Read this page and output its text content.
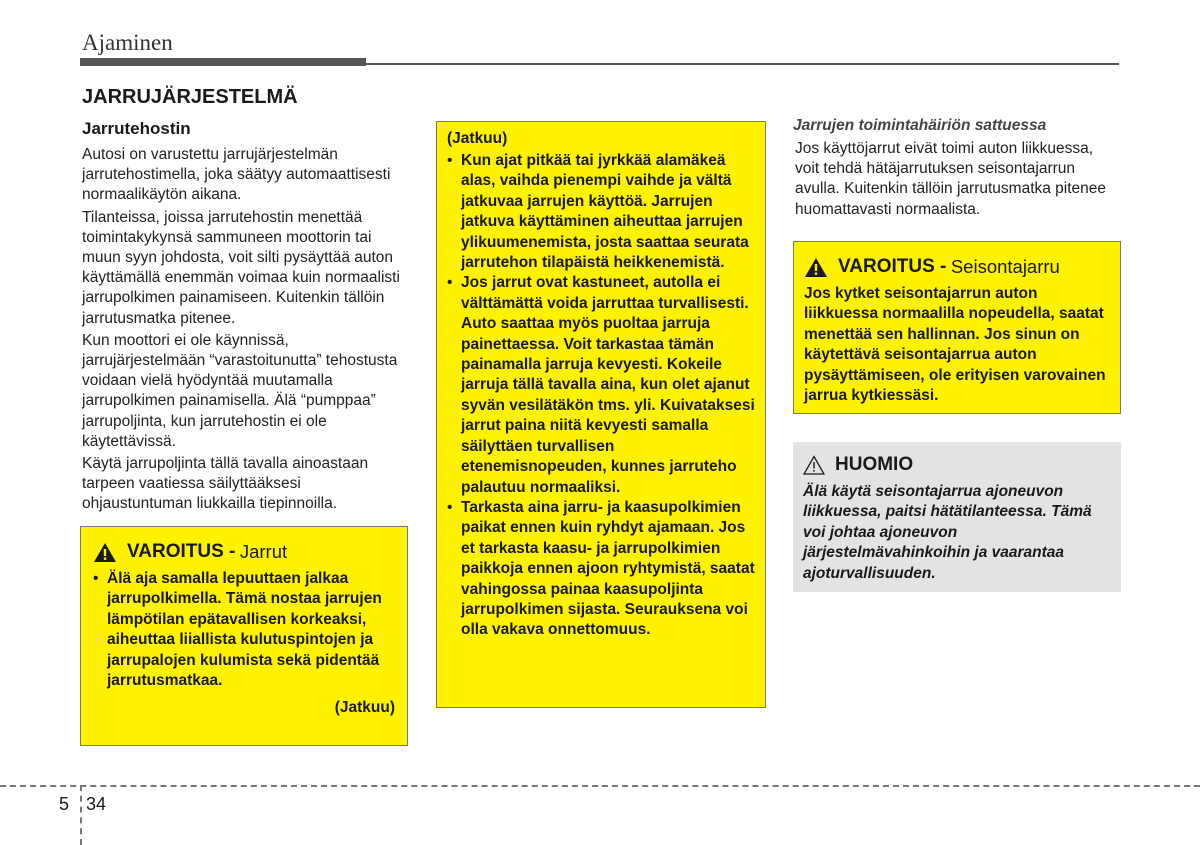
Ajaminen
JARRUJÄRJESTELMÄ
Jarrutehostin

Autosi on varustettu jarrujärjestelmän jarrutehostimella, joka säätyy automaattisesti normaalikäytön aikana.

Tilanteissa, joissa jarrutehostin menettää toimintakykynsä sammuneen moottorin tai muun syyn johdosta, voit silti pysäyttää auton käyttämällä enemmän voimaa kuin normaalisti jarrupolkimen painamiseen. Kuitenkin tällöin jarrutusmatka pitenee.

Kun moottori ei ole käynnissä, jarrujärjestelmään “varastoitunutta” tehostusta voidaan vielä hyödyntää muutamalla jarrupolkimen painamisella. Älä “pumppaa” jarrupoljinta, kun jarrutehostin ei ole käytettävissä.

Käytä jarrupoljinta tällä tavalla ainoastaan tarpeen vaatiessa säilyttääksesi ohjaustuntuman liukkailla tiepinnoilla.

VAROITUS -
Jarrut
• Älä aja samalla lepuuttaen jalkaa jarrupolkimella. Tämä nostaa jarrujen lämpötilan epätavallisen korkeaksi, aiheuttaa liiallista kulutuspintojen ja jarrupalojen kulumista sekä pidentää jarrutusmatkaa.
(Jatkuu)
(Jatkuu)
• Kun ajat pitkää tai jyrkkää alamäkeä alas, vaihda pienempi vaihde ja vältä jatkuvaa jarrujen käyttöä. Jarrujen jatkuva käyttäminen aiheuttaa jarrujen ylikuumenemista, josta saattaa seurata jarrutehon tilapäistä heikkenemistä.
• Jos jarrut ovat kastuneet, autolla ei välttämättä voida jarruttaa turvallisesti. Auto saattaa myös puoltaa jarruja painettaessa. Voit tarkastaa tämän painamalla jarruja kevyesti. Kokeile jarruja tällä tavalla aina, kun olet ajanut syvän vesilätäkön tms. yli. Kuivataksesi jarrut paina niitä kevyesti samalla säilyttäen turvallisen etenemisnopeuden, kunnes jarruteho palautuu normaaliksi.
• Tarkasta aina jarru- ja kaasupolkimien paikat ennen kuin ryhdyt ajamaan. Jos et tarkasta kaasu- ja jarrupolkimien paikkoja ennen ajoon ryhtymistä, saatat vahingossa painaa kaasupoljinta jarrupolkimen sijasta. Seurauksena voi olla vakava onnettomuus.
Jarrujen toimintahäiriön sattuessa

Jos käyttöjarrut eivät toimi auton liikkuessa, voit tehdä hätäjarrutuksen seisontajarrun avulla. Kuitenkin tällöin jarrutusmatka pitenee huomattavasti normaalista.

VAROITUS -
Seisontajarru

Jos kytket seisontajarrun auton liikkuessa normaalilla nopeudella, saatat menettää sen hallinnan. Jos sinun on käytettävä seisontajarrua auton pysäyttämiseen, ole erityisen varovainen jarrua kytkiessäsi.

HUOMIO

Älä käytä seisontajarrua ajoneuvon liikkuessa, paitsi hätätilanteessa. Tämä voi johtaa ajoneuvon järjestelmävahinkoihin ja vaarantaa ajoturvallisuuden.

5 34
